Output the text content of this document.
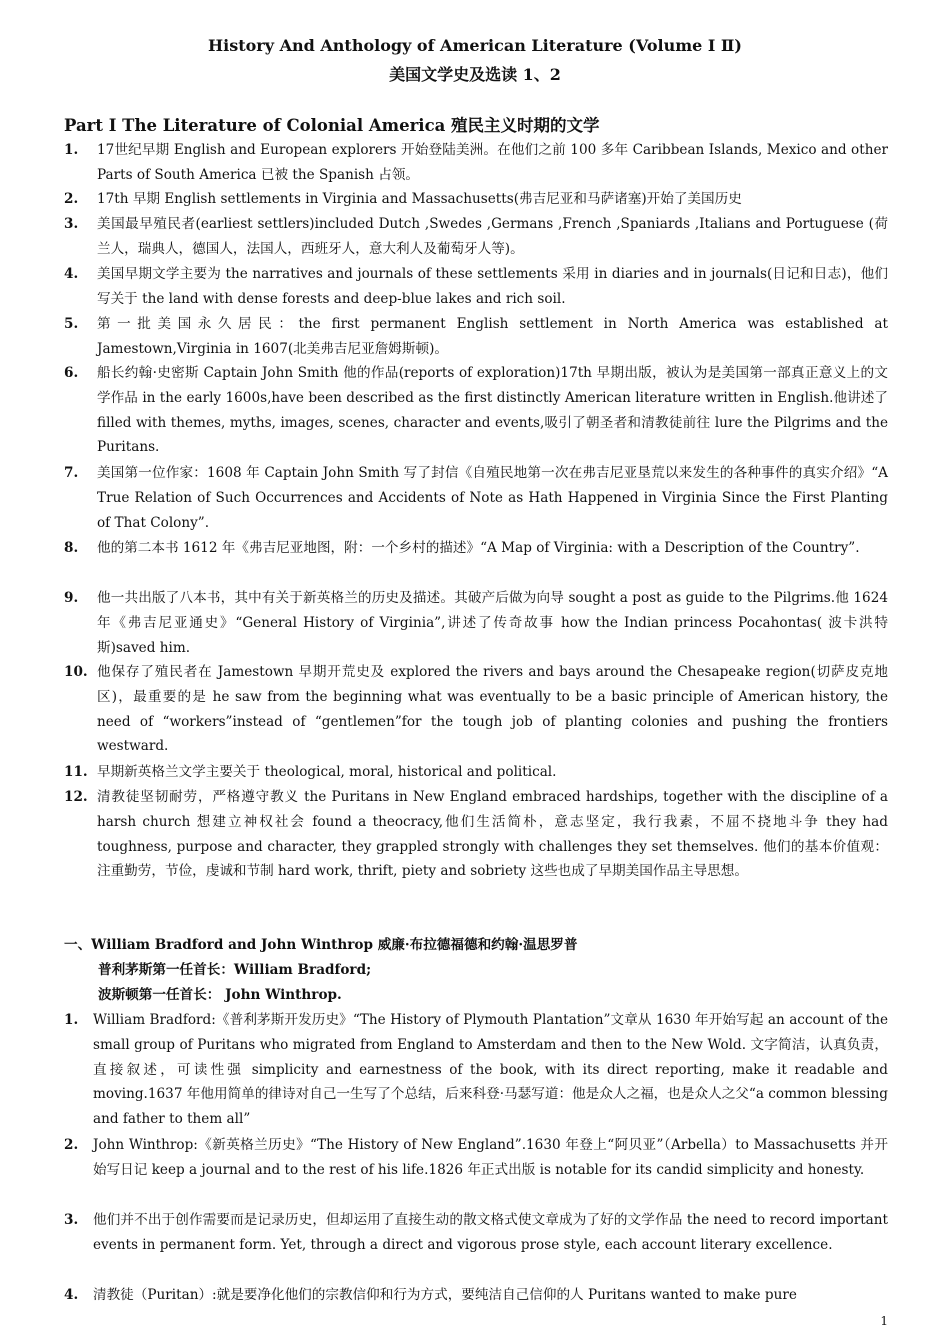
History And Anthology of American Literature (Volume Ⅰ Ⅱ)
美国文学史及选读 1、2
Part Ⅰ The Literature of Colonial America 殖民主义时期的文学
1. 17世纪早期 English and European explorers 开始登陆美洲。在他们之前 100 多年 Caribbean Islands, Mexico and other Parts of South America 已被 the Spanish 占领。
2. 17th 早期 English settlements in Virginia and Massachusetts(弗吉尼亚和马萨诸塞)开始了美国历史
3. 美国最早殖民者(earliest settlers)included Dutch ,Swedes ,Germans ,French ,Spaniards ,Italians and Portuguese (荷兰人，瑞典人，德国人，法国人，西班牙人，意大利人及葡萄牙人等)。
4. 美国早期文学主要为 the narratives and journals of these settlements 采用 in diaries and in journals(日记和日志)，他们写关于 the land with dense forests and deep-blue lakes and rich soil.
5. 第一批美国永久居民：the first permanent English settlement in North America was established at Jamestown,Virginia in 1607(北美弗吉尼亚詹姆斯顿)。
6. 船长约翰·史密斯 Captain John Smith 他的作品(reports of exploration)17th 早期出版，被认为是美国第一部真正意义上的文学作品 in the early 1600s,have been described as the first distinctly American literature written in English.他讲述了 filled with themes, myths, images, scenes, character and events,吸引了朝圣者和清教徒前往 lure the Pilgrims and the Puritans.
7. 美国第一位作家：1608 年 Captain John Smith 写了封信《自殖民地第一次在弗吉尼亚垦荒以来发生的各种事件的真实介绍》“A True Relation of Such Occurrences and Accidents of Note as Hath Happened in Virginia Since the First Planting of That Colony”.
8. 他的第二本书 1612 年《弗吉尼亚地图，附：一个乡村的描述》“A Map of Virginia: with a Description of the Country”.
9. 他一共出版了八本书，其中有关于新英格兰的历史及描述。其破产后做为向导 sought a post as guide to the Pilgrims.他 1624 年《弗吉尼亚通史》“General History of Virginia”,讲述了传奇故事 how the Indian princess Pocahontas( 波卡洪特斯)saved him.
10. 他保存了殖民者在 Jamestown 早期开荒史及 explored the rivers and bays around the Chesapeake region(切萨皮克地区)，最重要的是 he saw from the beginning what was eventually to be a basic principle of American history, the need of “workers”instead of “gentlemen”for the tough job of planting colonies and pushing the frontiers westward.
11. 早期新英格兰文学主要关于 theological, moral, historical and political.
12. 清教徒坚韧耐劳，严格遵守教义 the Puritans in New England embraced hardships, together with the discipline of a harsh church 想建立神权社会 found a theocracy,他们生活简朴，意志坚定，我行我素，不屈不挠地斗争 they had toughness, purpose and character, they grappled strongly with challenges they set themselves. 他们的基本价值观：注重勤劳，节俭，虔诚和节制 hard work, thrift, piety and sobriety 这些也成了早期美国作品主导思想。
一、William Bradford and John Winthrop 威廉·布拉德福德和约翰·温思罗普
普利茅斯第一任首长：William Bradford;
波斯顿第一任首长： John Winthrop.
1. William Bradford:《普利茅斯开发历史》“The History of Plymouth Plantation”文章从 1630 年开始写起 an account of the small group of Puritans who migrated from England to Amsterdam and then to the New Wold. 文字简洁，认真负责，直接叙述，可读性强 simplicity and earnestness of the book, with its direct reporting, make it readable and moving.1637 年他用简单的律诗对自己一生写了个总结，后来科登·马瑟写道：他是众人之福，也是众人之父“a common blessing and father to them all”
2. John Winthrop:《新英格兰历史》“The History of New England”.1630 年登上“阿贝亚”（Arbella）to Massachusetts 并开始写日记 keep a journal and to the rest of his life.1826 年正式出版 is notable for its candid simplicity and honesty.
3. 他们并不出于创作需要而是记录历史，但却运用了直接生动的散文格式使文章成为了好的文学作品 the need to record important events in permanent form. Yet, through a direct and vigorous prose style, each account literary excellence.
4. 清教徒（Puritan）:就是要净化他们的宗教信仰和行为方式，要纯洁自己信仰的人 Puritans wanted to make pure
1
